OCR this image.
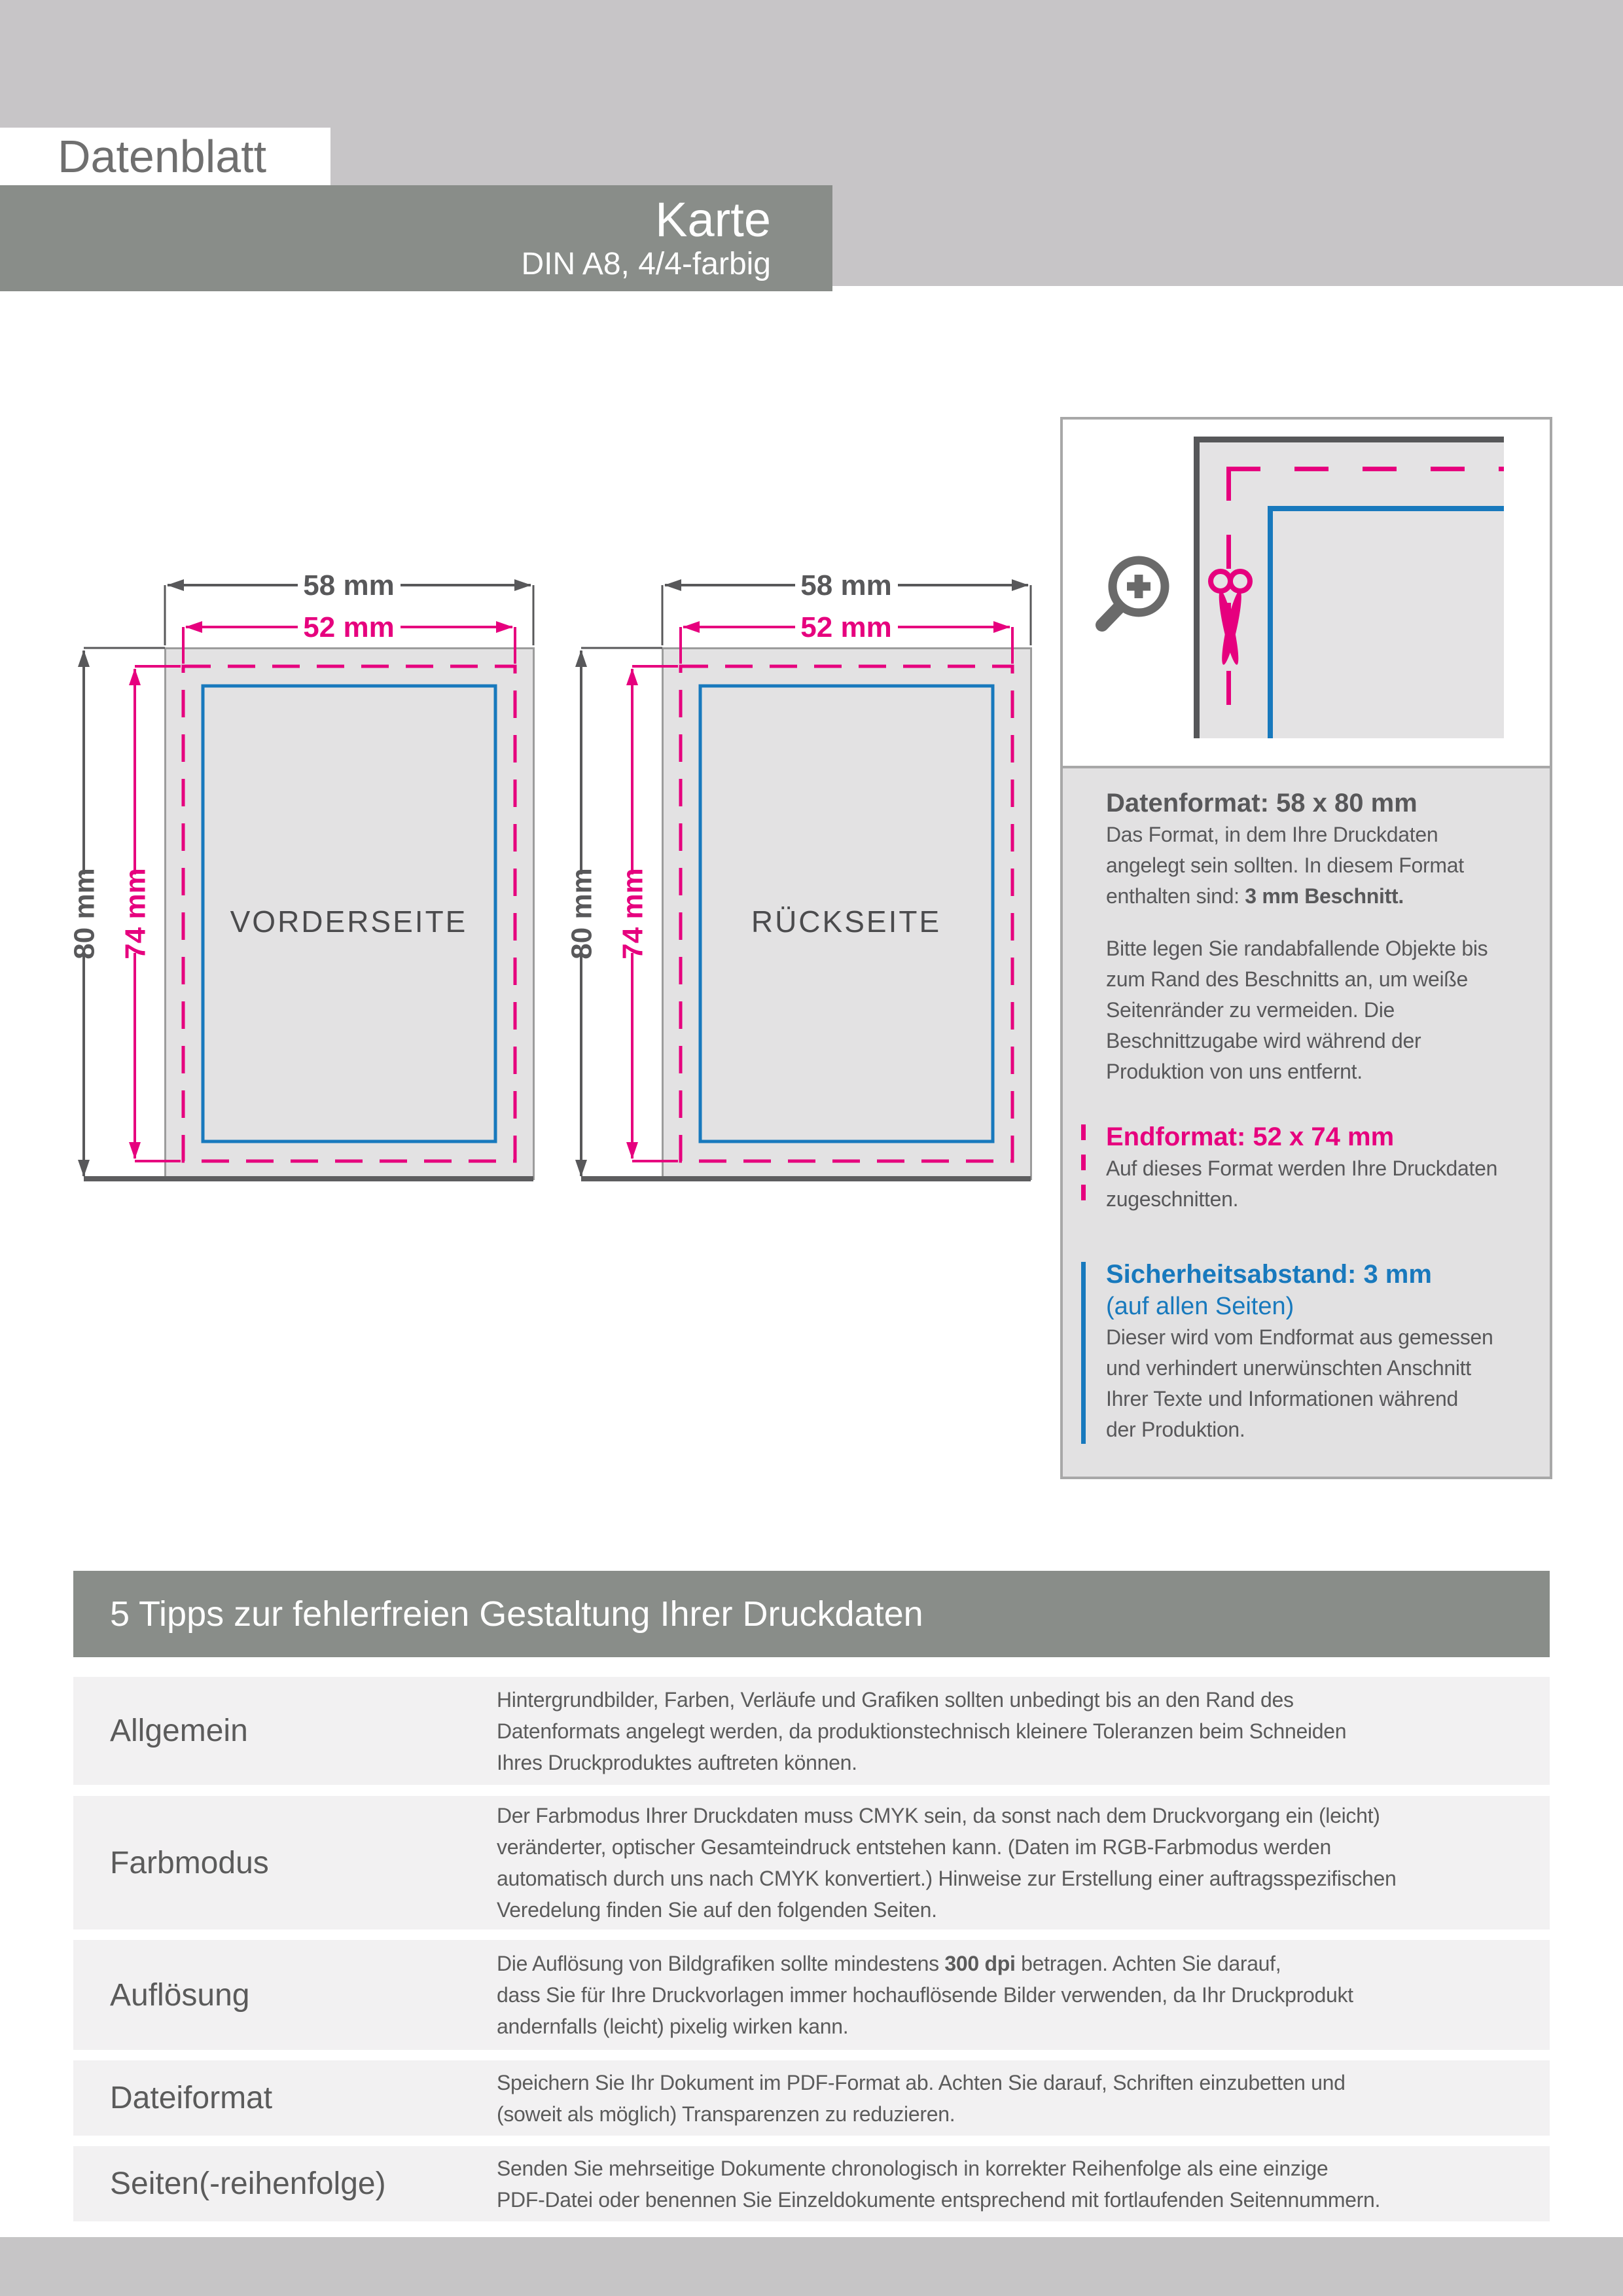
Datenblatt
Karte
DIN A8, 4/4-farbig
58 mm
52 mm
80 mm 74 mm	VORDERSEITE
58 mm
52 mm
80 mm 74 mm	RÜCKSEITE
Datenformat: 58 x 80 mm
Das Format, in dem Ihre Druckdaten
angelegt sein sollten. In diesem Format
enthalten sind: 3 mm Beschnitt.
Bitte legen Sie randabfallende Objekte bis
zum Rand des Beschnitts an, um weiße
Seitenränder zu vermeiden. Die
Beschnittzugabe wird während der
Produktion von uns entfernt.
Endformat: 52 x 74 mm
Auf dieses Format werden Ihre Druckdaten
zugeschnitten.
Sicherheitsabstand: 3 mm
(auf allen Seiten)
Dieser wird vom Endformat aus gemessen
und verhindert unerwünschten Anschnitt
Ihrer Texte und Informationen während
der Produktion.
5 Tipps zur fehlerfreien Gestaltung Ihrer Druckdaten
Allgemein
Hintergrundbilder, Farben, Verläufe und Grafiken sollten unbedingt bis an den Rand des
Datenformats angelegt werden, da produktionstechnisch kleinere Toleranzen beim Schneiden
Ihres Druckproduktes auftreten können.
Farbmodus
Der Farbmodus Ihrer Druckdaten muss CMYK sein, da sonst nach dem Druckvorgang ein (leicht)
veränderter, optischer Gesamteindruck entstehen kann. (Daten im RGB-Farbmodus werden
automatisch durch uns nach CMYK konvertiert.) Hinweise zur Erstellung einer auftragsspezifischen
Veredelung finden Sie auf den folgenden Seiten.
Auflösung
Die Auflösung von Bildgrafiken sollte mindestens 300 dpi betragen. Achten Sie darauf,
dass Sie für Ihre Druckvorlagen immer hochauflösende Bilder verwenden, da Ihr Druckprodukt
andernfalls (leicht) pixelig wirken kann.
Dateiformat	Speichern Sie Ihr Dokument im PDF-Format ab. Achten Sie darauf, Schriften einzubetten und
(soweit als möglich) Transparenzen zu reduzieren.
Seiten(-reihenfolge)	Senden Sie mehrseitige Dokumente chronologisch in korrekter Reihenfolge als eine einzige
PDF-Datei oder benennen Sie Einzeldokumente entsprechend mit fortlaufenden Seitennummern.
